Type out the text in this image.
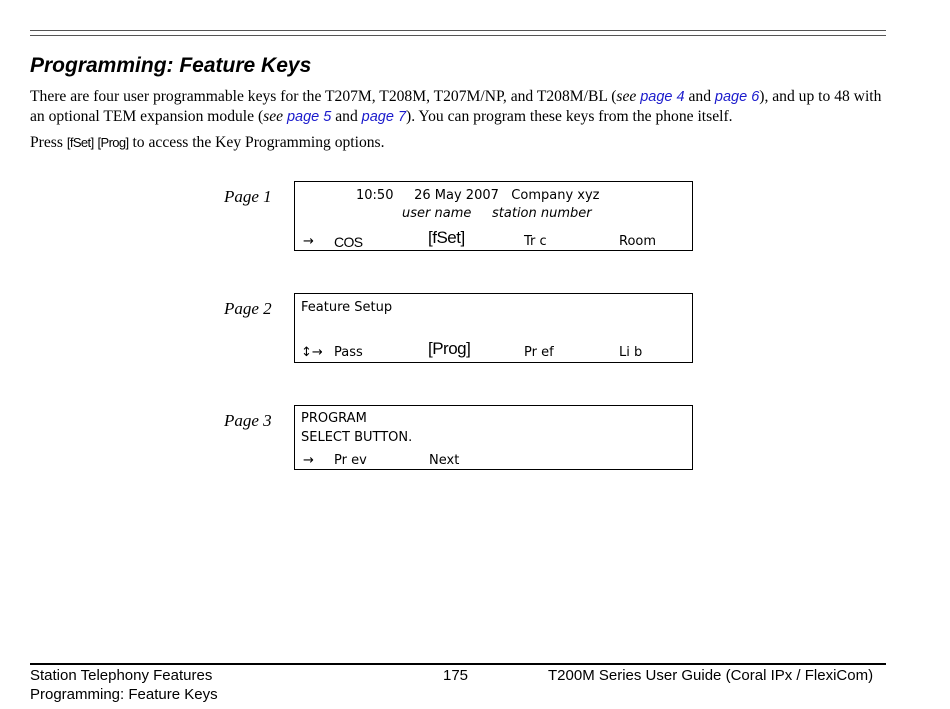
Programming: Feature Keys

There are four user programmable keys for the T207M, T208M, T207M/NP, and T208M/BL (see page 4 and page 6), and up to 48 with an optional TEM expansion module (see page 5 and page 7). You can program these keys from the phone itself.

Press [fSet] [Prog] to access the Key Programming options.

Page 1	10:50     26 May 2007   Company xyz
user name     station number
→ COS	[fSet]	Tr c	Room
Page 2 Feature Setup
↕→ Pass	[Prog]	Pr ef	Li b
Page 3 PROGRAM
SELECT BUTTON.
→ Pr ev	Next
Station Telephony Features
Programming: Feature Keys
175	T200M Series User Guide (Coral IPx / FlexiCom)
